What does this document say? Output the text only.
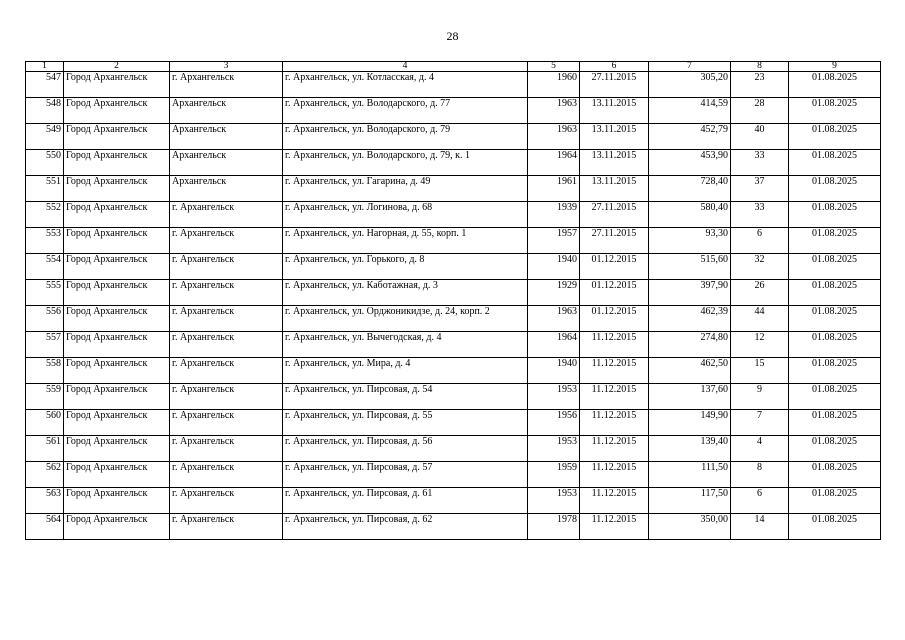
28
1	2	3	4	5	6	7	8	9
547	Город Архангельск	г. Архангельск	г. Архангельск, ул. Котласская, д. 4	1960	27.11.2015	305,20	23	01.08.2025
548	Город Архангельск	Архангельск	г. Архангельск, ул. Володарского, д. 77	1963	13.11.2015	414,59	28	01.08.2025
549	Город Архангельск	Архангельск	г. Архангельск, ул. Володарского, д. 79	1963	13.11.2015	452,79	40	01.08.2025
550	Город Архангельск	Архангельск	г. Архангельск, ул. Володарского, д. 79, к. 1	1964	13.11.2015	453,90	33	01.08.2025
551	Город Архангельск	Архангельск	г. Архангельск, ул. Гагарина, д. 49	1961	13.11.2015	728,40	37	01.08.2025
552	Город Архангельск	г. Архангельск	г. Архангельск, ул. Логинова, д. 68	1939	27.11.2015	580,40	33	01.08.2025
553	Город Архангельск	г. Архангельск	г. Архангельск, ул. Нагорная, д. 55, корп. 1	1957	27.11.2015	93,30	6	01.08.2025
554	Город Архангельск	г. Архангельск	г. Архангельск, ул. Горького, д. 8	1940	01.12.2015	515,60	32	01.08.2025
555	Город Архангельск	г. Архангельск	г. Архангельск, ул. Каботажная, д. 3	1929	01.12.2015	397,90	26	01.08.2025
556	Город Архангельск	г. Архангельск	г. Архангельск, ул. Орджоникидзе, д. 24, корп. 2	1963	01.12.2015	462,39	44	01.08.2025
557	Город Архангельск	г. Архангельск	г. Архангельск, ул. Вычегодская, д. 4	1964	11.12.2015	274,80	12	01.08.2025
558	Город Архангельск	г. Архангельск	г. Архангельск, ул. Мира, д. 4	1940	11.12.2015	462,50	15	01.08.2025
559	Город Архангельск	г. Архангельск	г. Архангельск, ул. Пирсовая, д. 54	1953	11.12.2015	137,60	9	01.08.2025
560	Город Архангельск	г. Архангельск	г. Архангельск, ул. Пирсовая, д. 55	1956	11.12.2015	149,90	7	01.08.2025
561	Город Архангельск	г. Архангельск	г. Архангельск, ул. Пирсовая, д. 56	1953	11.12.2015	139,40	4	01.08.2025
562	Город Архангельск	г. Архангельск	г. Архангельск, ул. Пирсовая, д. 57	1959	11.12.2015	111,50	8	01.08.2025
563	Город Архангельск	г. Архангельск	г. Архангельск, ул. Пирсовая, д. 61	1953	11.12.2015	117,50	6	01.08.2025
564	Город Архангельск	г. Архангельск	г. Архангельск, ул. Пирсовая, д. 62	1978	11.12.2015	350,00	14	01.08.2025
